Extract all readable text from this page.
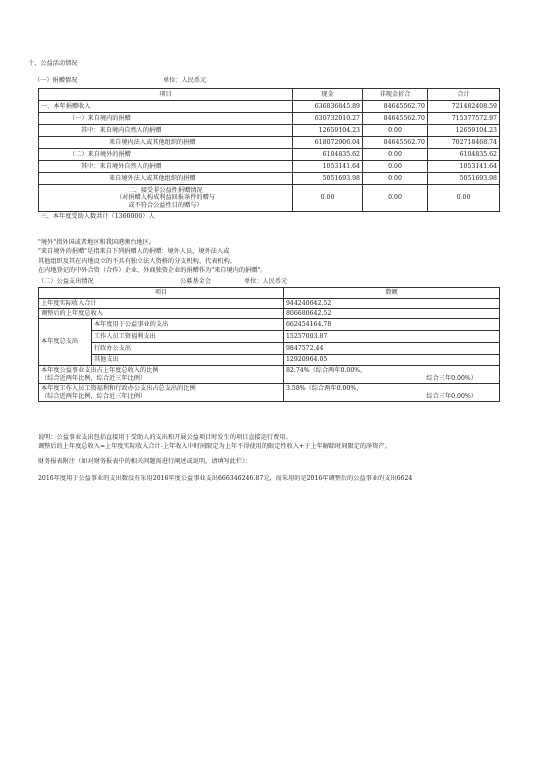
十、公益活动情况
（一）捐赠情况	单位：人民币元
项目	现金	非现金折合	合计
一、本年捐赠收入	636836845.89	84645562.70	721482408.59
（一）来自境内的捐赠	630732010.27	84645562.70	715377572.97
其中：来自境内自然人的捐赠	12659104.23	0.00	12659104.23
来自境内法人或其他组织的捐赠	618072906.04	84645562.70	702718468.74
（二）来自境外的捐赠	6104835.62	0.00	6104835.62
其中：来自境外自然人的捐赠	1053141.64	0.00	1053141.64
来自境外法人或其他组织的捐赠	5051693.98	0.00	5051693.98

二、接受非公益性捐赠情况
（对捐赠人构成利益回报条件的赠与
或不符合公益性目的赠与）	0.00	0.00	0.00
三、本年度受助人数共计（1360000）人			
"境外"指外国或者地区和我国港澳台地区。
"来自境外的捐赠"是指来自下列捐赠人的捐赠：境外人员，境外法人或
其他组织及其在内地设立的不具有独立法人资格的分支机构、代表机构。
在内地登记的中外合资（合作）企业、外商独资企业的捐赠作为"来自境内的捐赠"。
（二）公益支出情况	公募基金会	单位：人民币元
项目		数额
上年度实际收入合计		944240642.52
调整后的上年度总收入		806680642.52
本年度总支出	本年度用于公益事业的支出	662454164.78
	工作人员工资福利支出	15257003.87
	行政办公支出	9847572.44
	其他支出	12920964.05

本年度公益事业支出占上年度总收入的比例
（综合近两年比例，综合近三年比例）		82.74%（综合两年0.00%，
综合三年0.00%）

本年度工作人员工资福利和行政办公支出占总支出的比例
（综合近两年比例，综合近三年比例）		3.58%（综合两年0.00%，
综合三年0.00%）
说明：公益事业支出包括直接用于受助人的支出和开展公益项目时发生的项目直接运行费用。
调整后的上年度总收入=上年度实际收入合计-上年收入中时间限定为上年不得使用的限定性收入+于上年解除时间限定的净资产。
财务报表附注（如对财务报表中的相关问题需进行阐述或说明，请填写此栏）：
2016年度用于公益事业的支出数没有采用2016年度公益事业支出666346246.87元，而采用的是2016年调整后的公益事业的支出6624
